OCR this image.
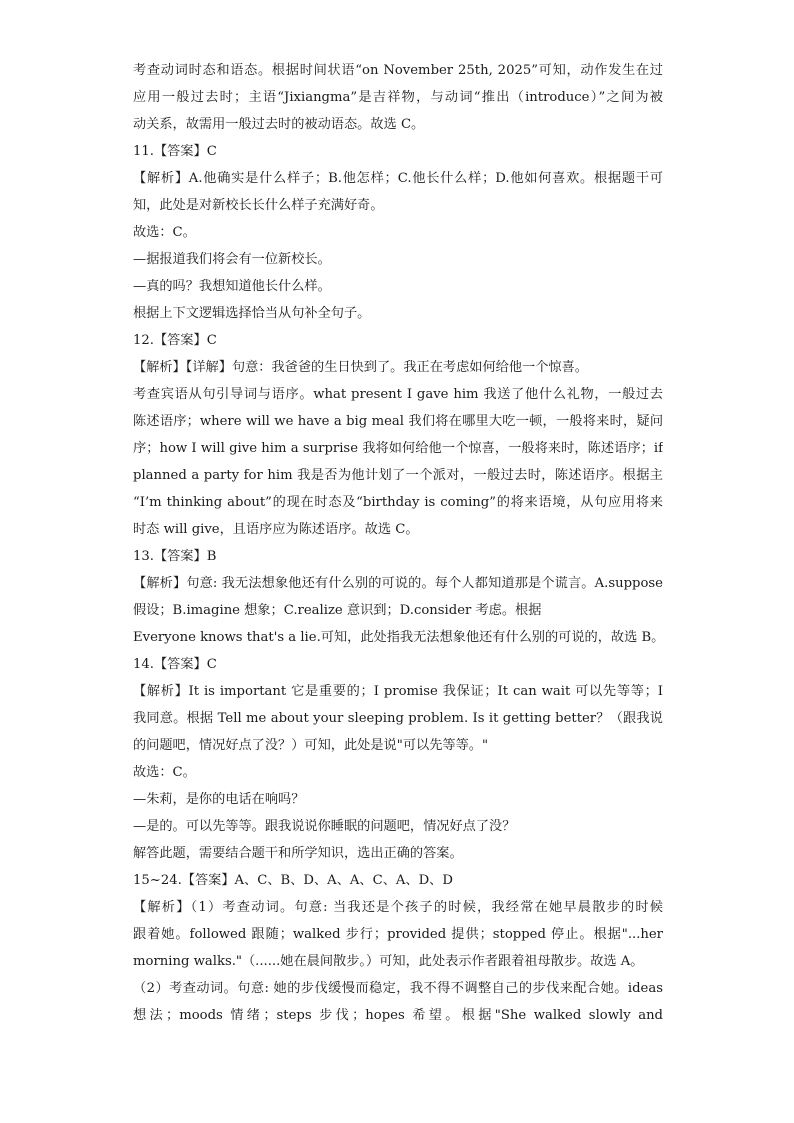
考查动词时态和语态。根据时间状语“on November 25th, 2025”可知，动作发生在过
应用一般过去时；主语“Jixiangma”是吉祥物，与动词“推出（introduce）”之间为被
动关系，故需用一般过去时的被动语态。故选 C。
11.【答案】C
【解析】A.他确实是什么样子；B.他怎样；C.他长什么样；D.他如何喜欢。根据题干可
知，此处是对新校长长什么样子充满好奇。
故选：C。
—据报道我们将会有一位新校长。
—真的吗？我想知道他长什么样。
根据上下文逻辑选择恰当从句补全句子。
12.【答案】C
【解析】【详解】句意：我爸爸的生日快到了。我正在考虑如何给他一个惊喜。
考查宾语从句引导词与语序。what present I gave him 我送了他什么礼物，一般过去
陈述语序；where will we have a big meal 我们将在哪里大吃一顿，一般将来时，疑问
序；how I will give him a surprise 我将如何给他一个惊喜，一般将来时，陈述语序；if
planned a party for him 我是否为他计划了一个派对，一般过去时，陈述语序。根据主
“I’m thinking about”的现在时态及“birthday is coming”的将来语境，从句应用将来
时态 will give，且语序应为陈述语序。故选 C。
13.【答案】B
【解析】句意: 我无法想象他还有什么别的可说的。每个人都知道那是个谎言。A.suppose
假设；B.imagine 想象；C.realize 意识到；D.consider 考虑。根据
Everyone knows that's a lie.可知，此处指我无法想象他还有什么别的可说的，故选 B。
14.【答案】C
【解析】It is important 它是重要的；I promise 我保证；It can wait 可以先等等；I
我同意。根据 Tell me about your sleeping problem. Is it getting better？（跟我说
的问题吧，情况好点了没？）可知，此处是说"可以先等等。"
故选：C。
—朱莉，是你的电话在响吗？
—是的。可以先等等。跟我说说你睡眠的问题吧，情况好点了没？
解答此题，需要结合题干和所学知识，选出正确的答案。
15~24.【答案】A、C、B、D、A、A、C、A、D、D
【解析】（1）考查动词。句意: 当我还是个孩子的时候，我经常在她早晨散步的时候
跟着她。followed 跟随；walked 步行；provided 提供；stopped 停止。根据"...her
morning walks."（......她在晨间散步。）可知，此处表示作者跟着祖母散步。故选 A。
（2）考查动词。句意: 她的步伐缓慢而稳定，我不得不调整自己的步伐来配合她。ideas
想法；moods 情绪；steps 步伐；hopes 希望。根据"She walked slowly and
